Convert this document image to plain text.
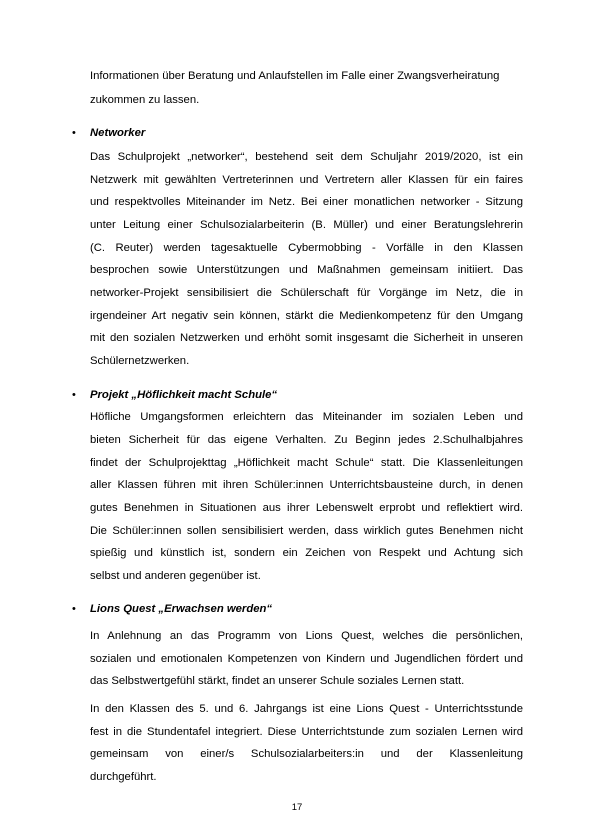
Informationen über Beratung und Anlaufstellen im Falle einer Zwangsverheiratung
zukommen zu lassen.
• Networker
Das Schulprojekt „networker“, bestehend seit dem Schuljahr 2019/2020, ist ein
Netzwerk mit gewählten Vertreterinnen und Vertretern aller Klassen für ein faires
und respektvolles Miteinander im Netz. Bei einer monatlichen networker - Sitzung
unter Leitung einer Schulsozialarbeiterin (B. Müller) und einer Beratungslehrerin
(C. Reuter) werden tagesaktuelle Cybermobbing - Vorfälle in den Klassen
besprochen sowie Unterstützungen und Maßnahmen gemeinsam initiiert. Das
networker-Projekt sensibilisiert die Schülerschaft für Vorgänge im Netz, die in
irgendeiner Art negativ sein können, stärkt die Medienkompetenz für den Umgang
mit den sozialen Netzwerken und erhöht somit insgesamt die Sicherheit in unseren
Schülernetzwerken.
• Projekt „Höflichkeit macht Schule“
Höfliche Umgangsformen erleichtern das Miteinander im sozialen Leben und
bieten Sicherheit für das eigene Verhalten. Zu Beginn jedes 2.Schulhalbjahres
findet der Schulprojekttag „Höflichkeit macht Schule“ statt. Die Klassenleitungen
aller Klassen führen mit ihren Schüler:innen Unterrichtsbausteine durch, in denen
gutes Benehmen in Situationen aus ihrer Lebenswelt erprobt und reflektiert wird.
Die Schüler:innen sollen sensibilisiert werden, dass wirklich gutes Benehmen nicht
spießig und künstlich ist, sondern ein Zeichen von Respekt und Achtung sich
selbst und anderen gegenüber ist.
• Lions Quest „Erwachsen werden“
In Anlehnung an das Programm von Lions Quest, welches die persönlichen,
sozialen und emotionalen Kompetenzen von Kindern und Jugendlichen fördert und
das Selbstwertgefühl stärkt, findet an unserer Schule soziales Lernen statt.
In den Klassen des 5. und 6. Jahrgangs ist eine Lions Quest - Unterrichtsstunde
fest in die Stundentafel integriert. Diese Unterrichtstunde zum sozialen Lernen wird
gemeinsam von einer/s Schulsozialarbeiters:in und der Klassenleitung
durchgeführt.
17
